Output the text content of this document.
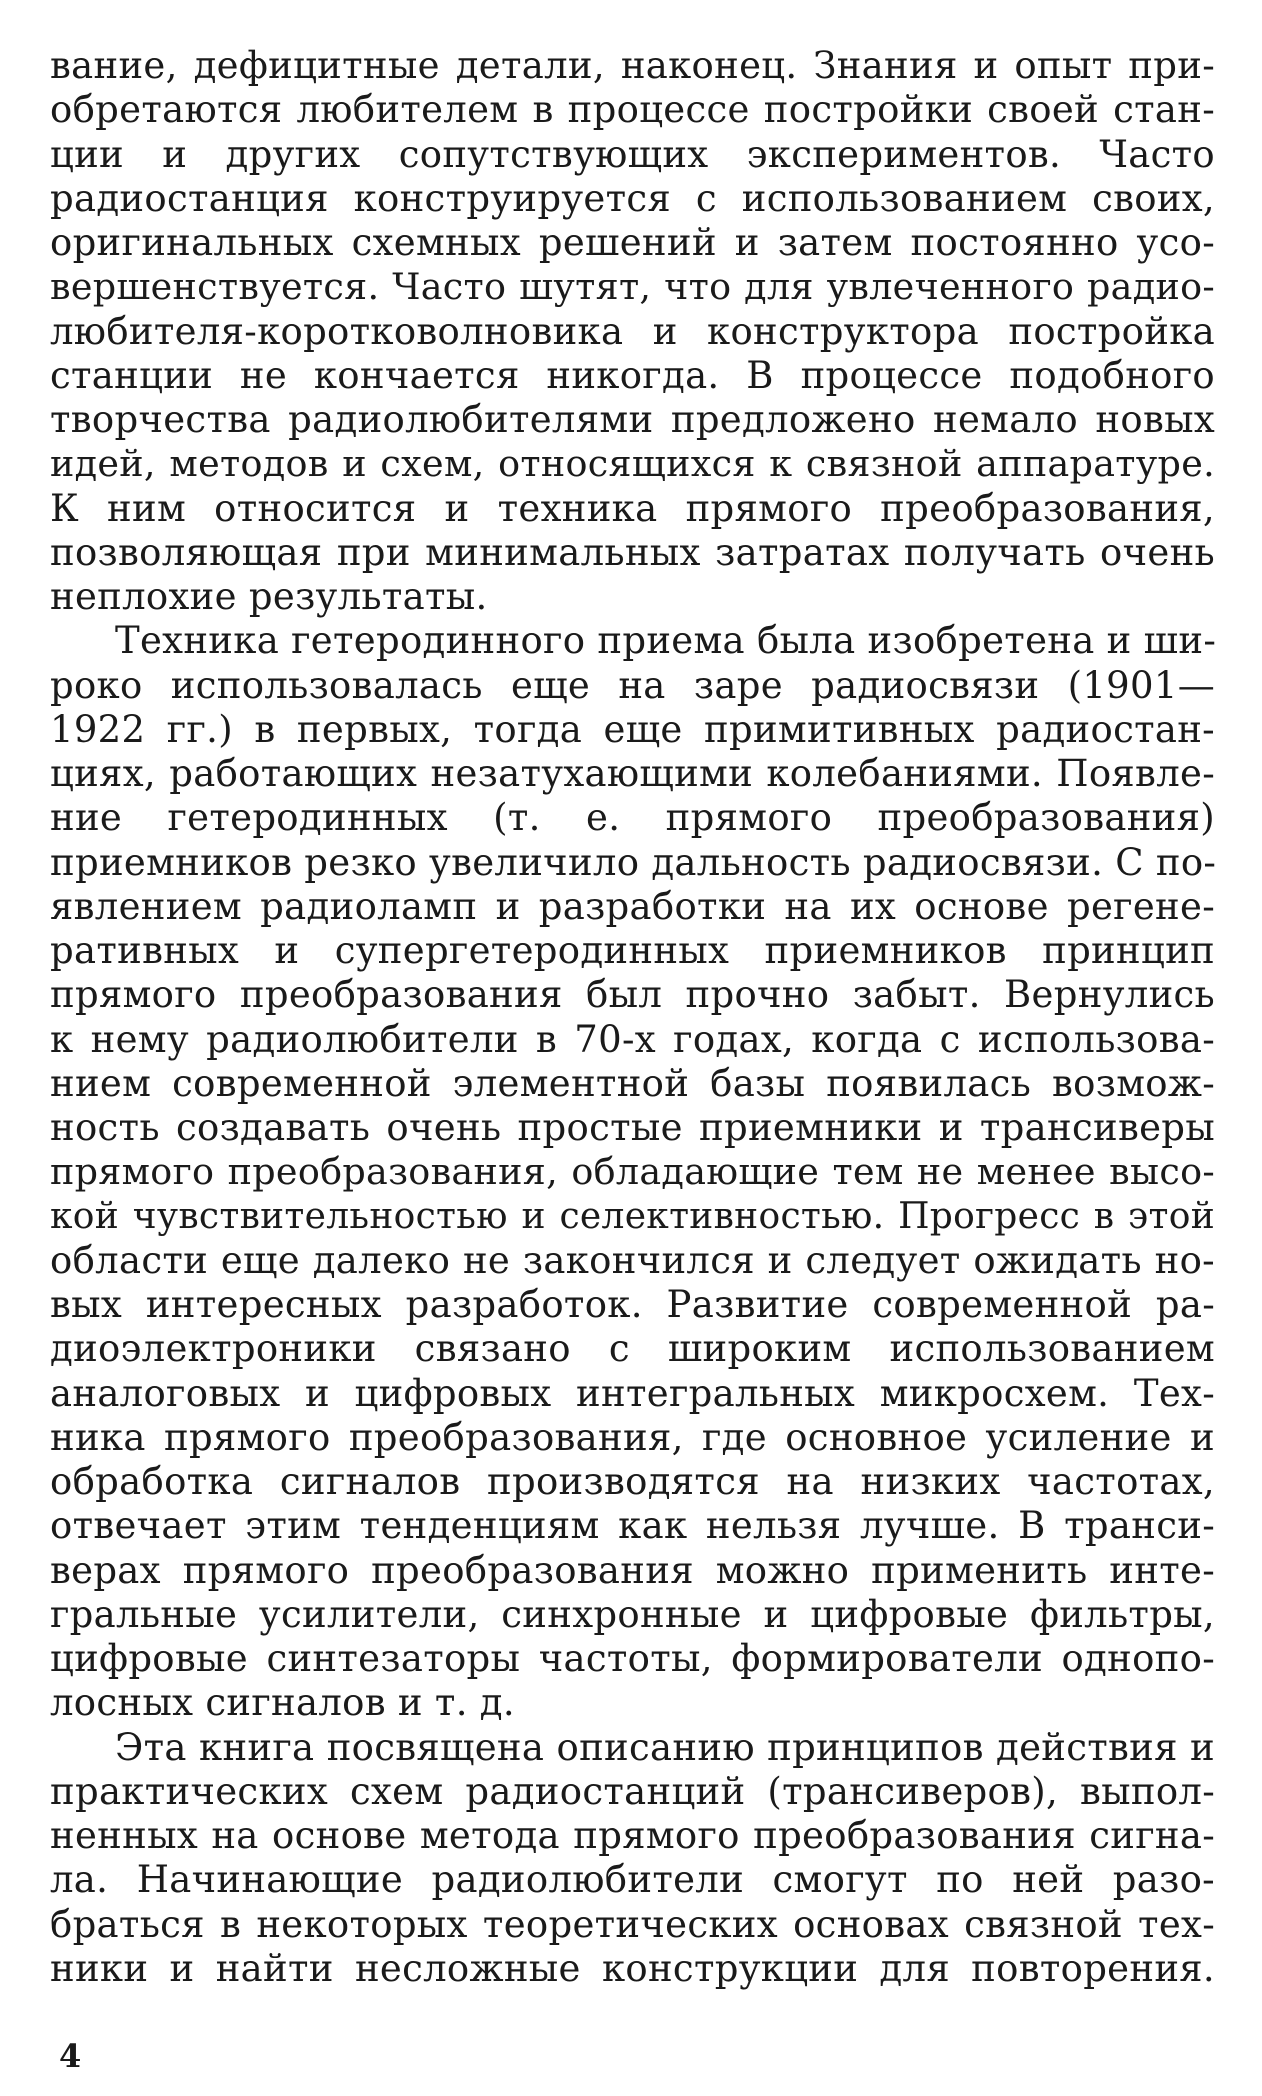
вание, дефицитные детали, наконец. Знания и опыт при-
обретаются любителем в процессе постройки своей стан-
ции и других сопутствующих экспериментов. Часто
радиостанция конструируется с использованием своих,
оригинальных схемных решений и затем постоянно усо-
вершенствуется. Часто шутят, что для увлеченного радио-
любителя-коротковолновика и конструктора постройка
станции не кончается никогда. В процессе подобного
творчества радиолюбителями предложено немало новых
идей, методов и схем, относящихся к связной аппаратуре.
К ним относится и техника прямого преобразования,
позволяющая при минимальных затратах получать очень
неплохие результаты.
Техника гетеродинного приема была изобретена и ши-
роко использовалась еще на заре радиосвязи (1901—
1922 гг.) в первых, тогда еще примитивных радиостан-
циях, работающих незатухающими колебаниями. Появле-
ние гетеродинных (т. е. прямого преобразования)
приемников резко увеличило дальность радиосвязи. С по-
явлением радиоламп и разработки на их основе регене-
ративных и супергетеродинных приемников принцип
прямого преобразования был прочно забыт. Вернулись
к нему радиолюбители в 70-х годах, когда с использова-
нием современной элементной базы появилась возмож-
ность создавать очень простые приемники и трансиверы
прямого преобразования, обладающие тем не менее высо-
кой чувствительностью и селективностью. Прогресс в этой
области еще далеко не закончился и следует ожидать но-
вых интересных разработок. Развитие современной ра-
диоэлектроники связано с широким использованием
аналоговых и цифровых интегральных микросхем. Тех-
ника прямого преобразования, где основное усиление и
обработка сигналов производятся на низких частотах,
отвечает этим тенденциям как нельзя лучше. В транси-
верах прямого преобразования можно применить инте-
гральные усилители, синхронные и цифровые фильтры,
цифровые синтезаторы частоты, формирователи однопо-
лосных сигналов и т. д.
Эта книга посвящена описанию принципов действия и
практических схем радиостанций (трансиверов), выпол-
ненных на основе метода прямого преобразования сигна-
ла. Начинающие радиолюбители смогут по ней разо-
браться в некоторых теоретических основах связной тех-
ники и найти несложные конструкции для повторения.
4
